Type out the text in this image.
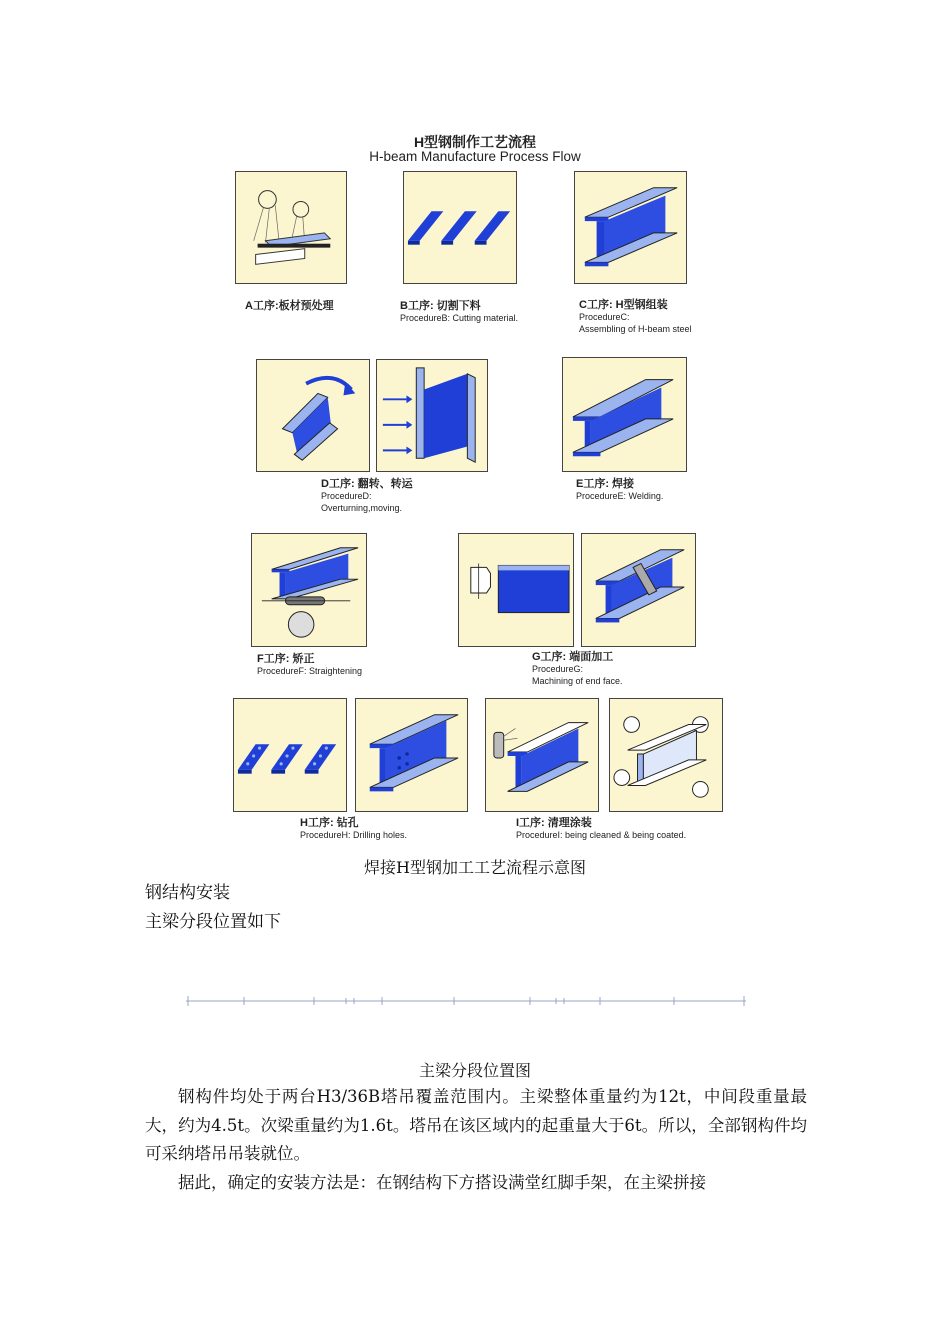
H型钢制作工艺流程
H-beam Manufacture Process Flow
A工序:板材预处理	B工序: 切割下料
ProcedureB: Cutting material.
C工序: H型钢组装
ProcedureC:
Assembling of H-beam steel
D工序: 翻转、转运
ProcedureD:
Overturning,moving.
E工序: 焊接
ProcedureE: Welding.
F工序: 矫正
ProcedureF: Straightening
G工序: 端面加工
ProcedureG:
Machining of end face.
H工序: 钻孔
ProcedureH: Drilling holes.
I工序: 清理涂装
ProcedureI: being cleaned & being coated.
焊接H型钢加工工艺流程示意图
钢结构安装
主梁分段位置如下
主梁分段位置图
钢构件均处于两台H3/36B塔吊覆盖范围内。主梁整体重量约为12t，中间段重量最大，约为4.5t。次梁重量约为1.6t。塔吊在该区域内的起重量大于6t。所以，全部钢构件均可采纳塔吊吊装就位。
据此，确定的安装方法是：在钢结构下方搭设满堂红脚手架，在主梁拼接
